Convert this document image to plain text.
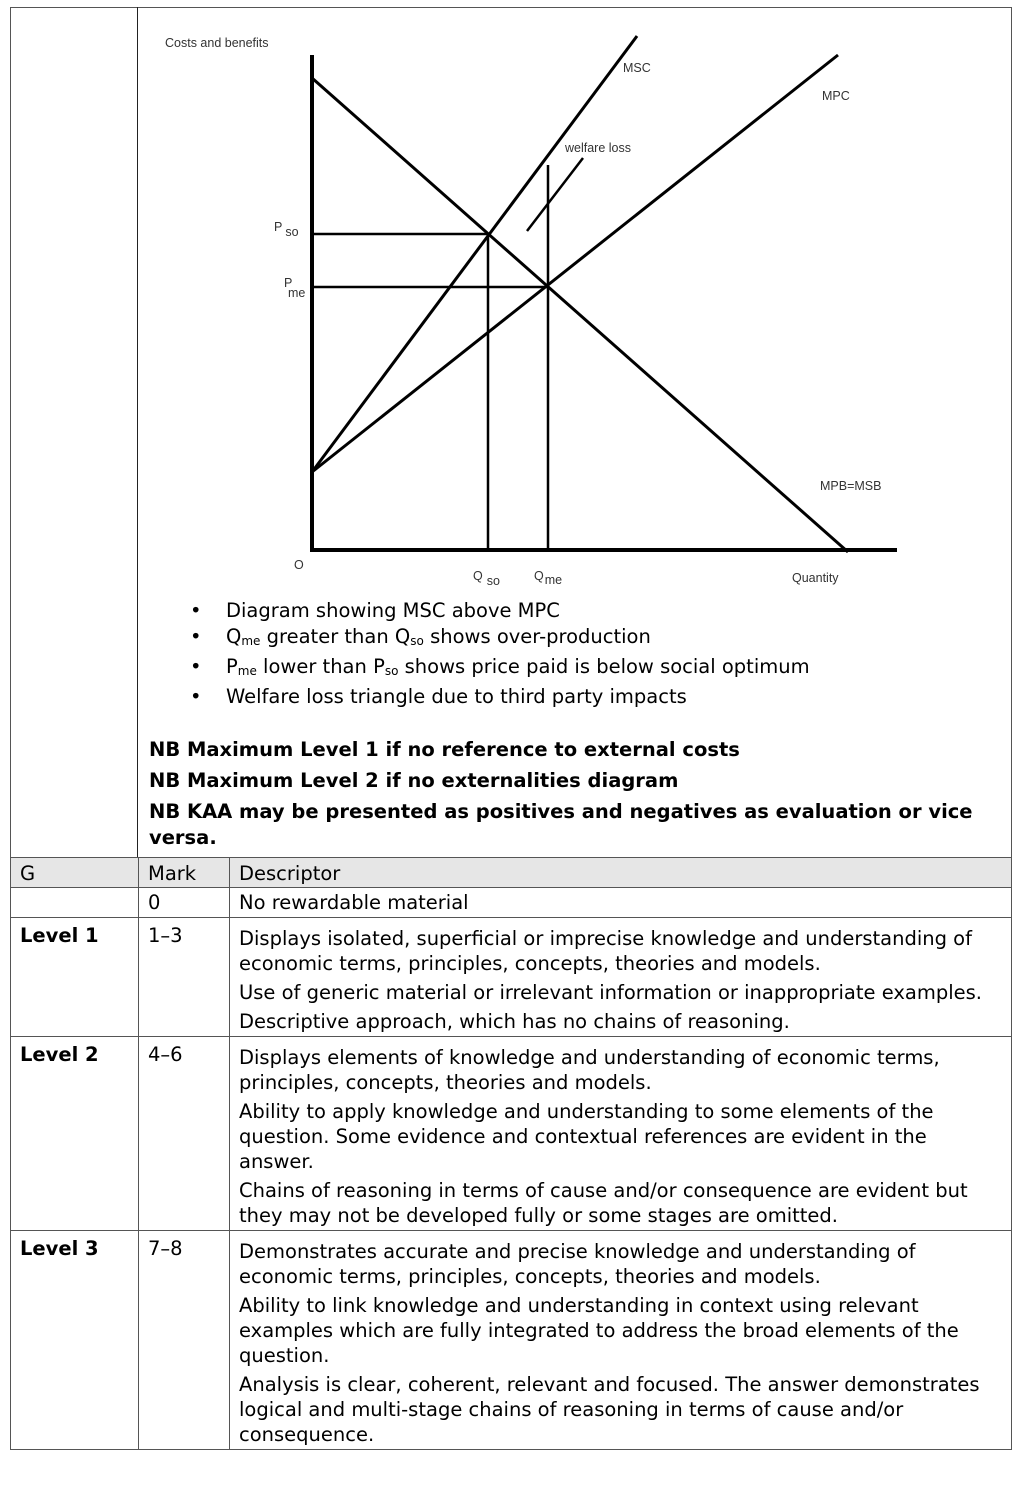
Costs and benefits
MSC
MPC
welfare loss
MPB=MSB
O
Quantity
P so
P me
Q so	Qme
• Diagram showing MSC above MPC
• $Q_{me}$ greater than $Q_{so}$ shows over-production
• $P_{me}$ lower than $P_{so}$ shows price paid is below social optimum
• Welfare loss triangle due to third party impacts

NB Maximum Level 1 if no reference to external costs

NB Maximum Level 2 if no externalities diagram

NB KAA may be presented as positives and negatives as evaluation or vice versa.

G	Mark	Descriptor
	0	No rewardable material
Level 1	1–3	Displays isolated, superficial or imprecise knowledge and understanding of economic terms, principles, concepts, theories and models.

Use of generic material or irrelevant information or inappropriate examples.

Descriptive approach, which has no chains of reasoning.

Level 2	4–6	Displays elements of knowledge and understanding of economic terms, principles, concepts, theories and models.

Ability to apply knowledge and understanding to some elements of the question. Some evidence and contextual references are evident in the answer.

Chains of reasoning in terms of cause and/or consequence are evident but they may not be developed fully or some stages are omitted.

Level 3	7–8	Demonstrates accurate and precise knowledge and understanding of economic terms, principles, concepts, theories and models.

Ability to link knowledge and understanding in context using relevant examples which are fully integrated to address the broad elements of the question.

Analysis is clear, coherent, relevant and focused. The answer demonstrates logical and multi-stage chains of reasoning in terms of cause and/or consequence.
